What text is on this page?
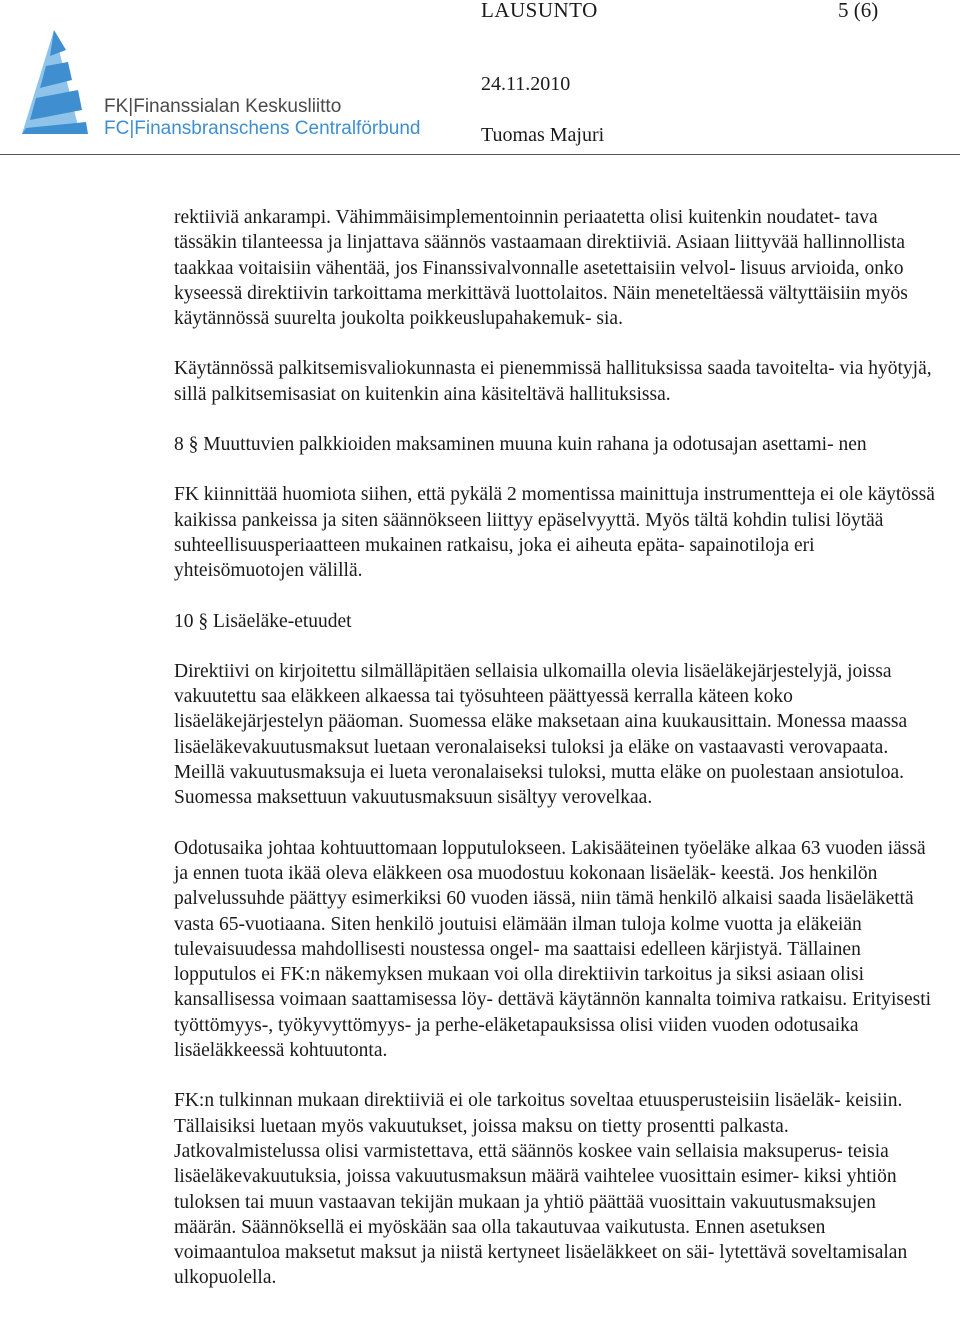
FK|Finanssialan Keskusliitto
FC|Finansbranschens Centralförbund
LAUSUNTO	5 (6)
24.11.2010
Tuomas Majuri

rektiiviä ankarampi. Vähimmäisimplementoinnin periaatetta olisi kuitenkin noudatet- tava tässäkin tilanteessa ja linjattava säännös vastaamaan direktiiviä. Asiaan liittyvää hallinnollista taakkaa voitaisiin vähentää, jos Finanssivalvonnalle asetettaisiin velvol- lisuus arvioida, onko kyseessä direktiivin tarkoittama merkittävä luottolaitos. Näin meneteltäessä vältyttäisiin myös käytännössä suurelta joukolta poikkeuslupahakemuk- sia.

Käytännössä palkitsemisvaliokunnasta ei pienemmissä hallituksissa saada tavoitelta- via hyötyjä, sillä palkitsemisasiat on kuitenkin aina käsiteltävä hallituksissa.

8 § Muuttuvien palkkioiden maksaminen muuna kuin rahana ja odotusajan asettami- nen

FK kiinnittää huomiota siihen, että pykälä 2 momentissa mainittuja instrumentteja ei ole käytössä kaikissa pankeissa ja siten säännökseen liittyy epäselvyyttä. Myös tältä kohdin tulisi löytää suhteellisuusperiaatteen mukainen ratkaisu, joka ei aiheuta epäta- sapainotiloja eri yhteisömuotojen välillä.

10 § Lisäeläke-etuudet

Direktiivi on kirjoitettu silmälläpitäen sellaisia ulkomailla olevia lisäeläkejärjestelyjä, joissa vakuutettu saa eläkkeen alkaessa tai työsuhteen päättyessä kerralla käteen koko lisäeläkejärjestelyn pääoman. Suomessa eläke maksetaan aina kuukausittain. Monessa maassa lisäeläkevakuutusmaksut luetaan veronalaiseksi tuloksi ja eläke on vastaavasti verovapaata. Meillä vakuutusmaksuja ei lueta veronalaiseksi tuloksi, mutta eläke on puolestaan ansiotuloa. Suomessa maksettuun vakuutusmaksuun sisältyy verovelkaa.

Odotusaika johtaa kohtuuttomaan lopputulokseen. Lakisääteinen työeläke alkaa 63 vuoden iässä ja ennen tuota ikää oleva eläkkeen osa muodostuu kokonaan lisäeläk- keestä. Jos henkilön palvelussuhde päättyy esimerkiksi 60 vuoden iässä, niin tämä henkilö alkaisi saada lisäeläkettä vasta 65-vuotiaana. Siten henkilö joutuisi elämään ilman tuloja kolme vuotta ja eläkeiän tulevaisuudessa mahdollisesti noustessa ongel- ma saattaisi edelleen kärjistyä. Tällainen lopputulos ei FK:n näkemyksen mukaan voi olla direktiivin tarkoitus ja siksi asiaan olisi kansallisessa voimaan saattamisessa löy- dettävä käytännön kannalta toimiva ratkaisu. Erityisesti työttömyys-, työkyvyttömyys- ja perhe-eläketapauksissa olisi viiden vuoden odotusaika lisäeläkkeessä kohtuutonta.

FK:n tulkinnan mukaan direktiiviä ei ole tarkoitus soveltaa etuusperusteisiin lisäeläk- keisiin. Tällaisiksi luetaan myös vakuutukset, joissa maksu on tietty prosentti palkasta. Jatkovalmistelussa olisi varmistettava, että säännös koskee vain sellaisia maksuperus- teisia lisäeläkevakuutuksia, joissa vakuutusmaksun määrä vaihtelee vuosittain esimer- kiksi yhtiön tuloksen tai muun vastaavan tekijän mukaan ja yhtiö päättää vuosittain vakuutusmaksujen määrän. Säännöksellä ei myöskään saa olla takautuvaa vaikutusta. Ennen asetuksen voimaantuloa maksetut maksut ja niistä kertyneet lisäeläkkeet on säi- lytettävä soveltamisalan ulkopuolella.
